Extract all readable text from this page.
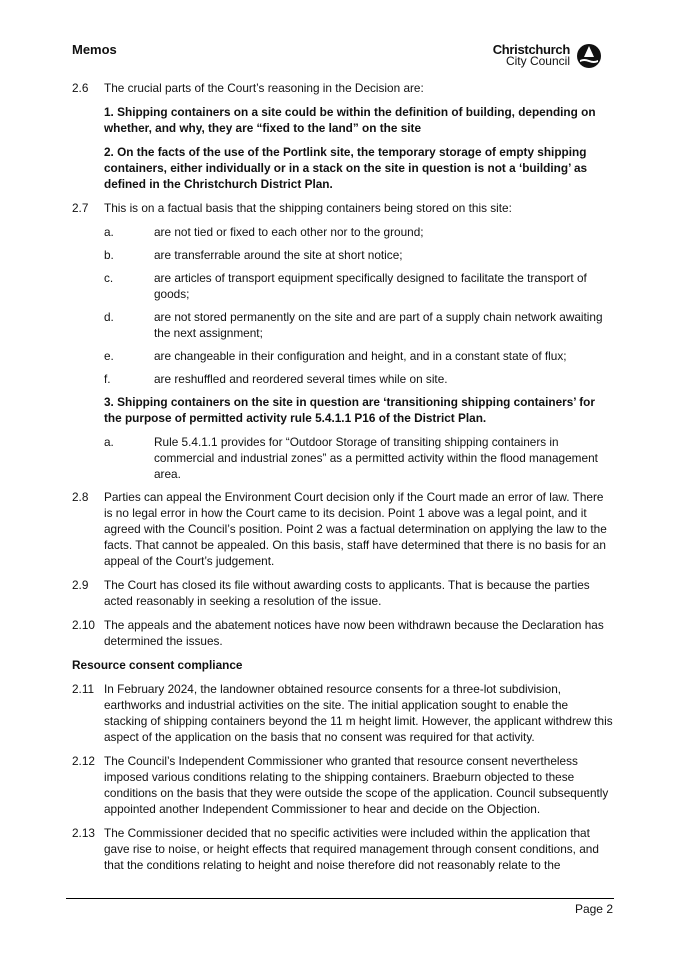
Memos	Christchurch
City Council
2.6	The crucial parts of the Court’s reasoning in the Decision are:
1. Shipping containers on a site could be within the definition of building, depending on whether, and why, they are “fixed to the land” on the site
2. On the facts of the use of the Portlink site, the temporary storage of empty shipping containers, either individually or in a stack on the site in question is not a ‘building’ as defined in the Christchurch District Plan.
2.7	This is on a factual basis that the shipping containers being stored on this site:
a.	are not tied or fixed to each other nor to the ground;
b.	are transferrable around the site at short notice;
c.	are articles of transport equipment specifically designed to facilitate the transport of goods;
d.	are not stored permanently on the site and are part of a supply chain network awaiting the next assignment;
e.	are changeable in their configuration and height, and in a constant state of flux;
f.	are reshuffled and reordered several times while on site.
3. Shipping containers on the site in question are ‘transitioning shipping containers’ for the purpose of permitted activity rule 5.4.1.1 P16 of the District Plan.
a.	Rule 5.4.1.1 provides for “Outdoor Storage of transiting shipping containers in commercial and industrial zones” as a permitted activity within the flood management area.
2.8	Parties can appeal the Environment Court decision only if the Court made an error of law. There is no legal error in how the Court came to its decision. Point 1 above was a legal point, and it agreed with the Council’s position. Point 2 was a factual determination on applying the law to the facts. That cannot be appealed. On this basis, staff have determined that there is no basis for an appeal of the Court’s judgement.
2.9	The Court has closed its file without awarding costs to applicants. That is because the parties acted reasonably in seeking a resolution of the issue.
2.10 The appeals and the abatement notices have now been withdrawn because the Declaration has determined the issues.
Resource consent compliance
2.11 In February 2024, the landowner obtained resource consents for a three-lot subdivision, earthworks and industrial activities on the site. The initial application sought to enable the stacking of shipping containers beyond the 11 m height limit. However, the applicant withdrew this aspect of the application on the basis that no consent was required for that activity.
2.12 The Council’s Independent Commissioner who granted that resource consent nevertheless imposed various conditions relating to the shipping containers. Braeburn objected to these conditions on the basis that they were outside the scope of the application. Council subsequently appointed another Independent Commissioner to hear and decide on the Objection.
2.13 The Commissioner decided that no specific activities were included within the application that gave rise to noise, or height effects that required management through consent conditions, and that the conditions relating to height and noise therefore did not reasonably relate to the
Page 2
